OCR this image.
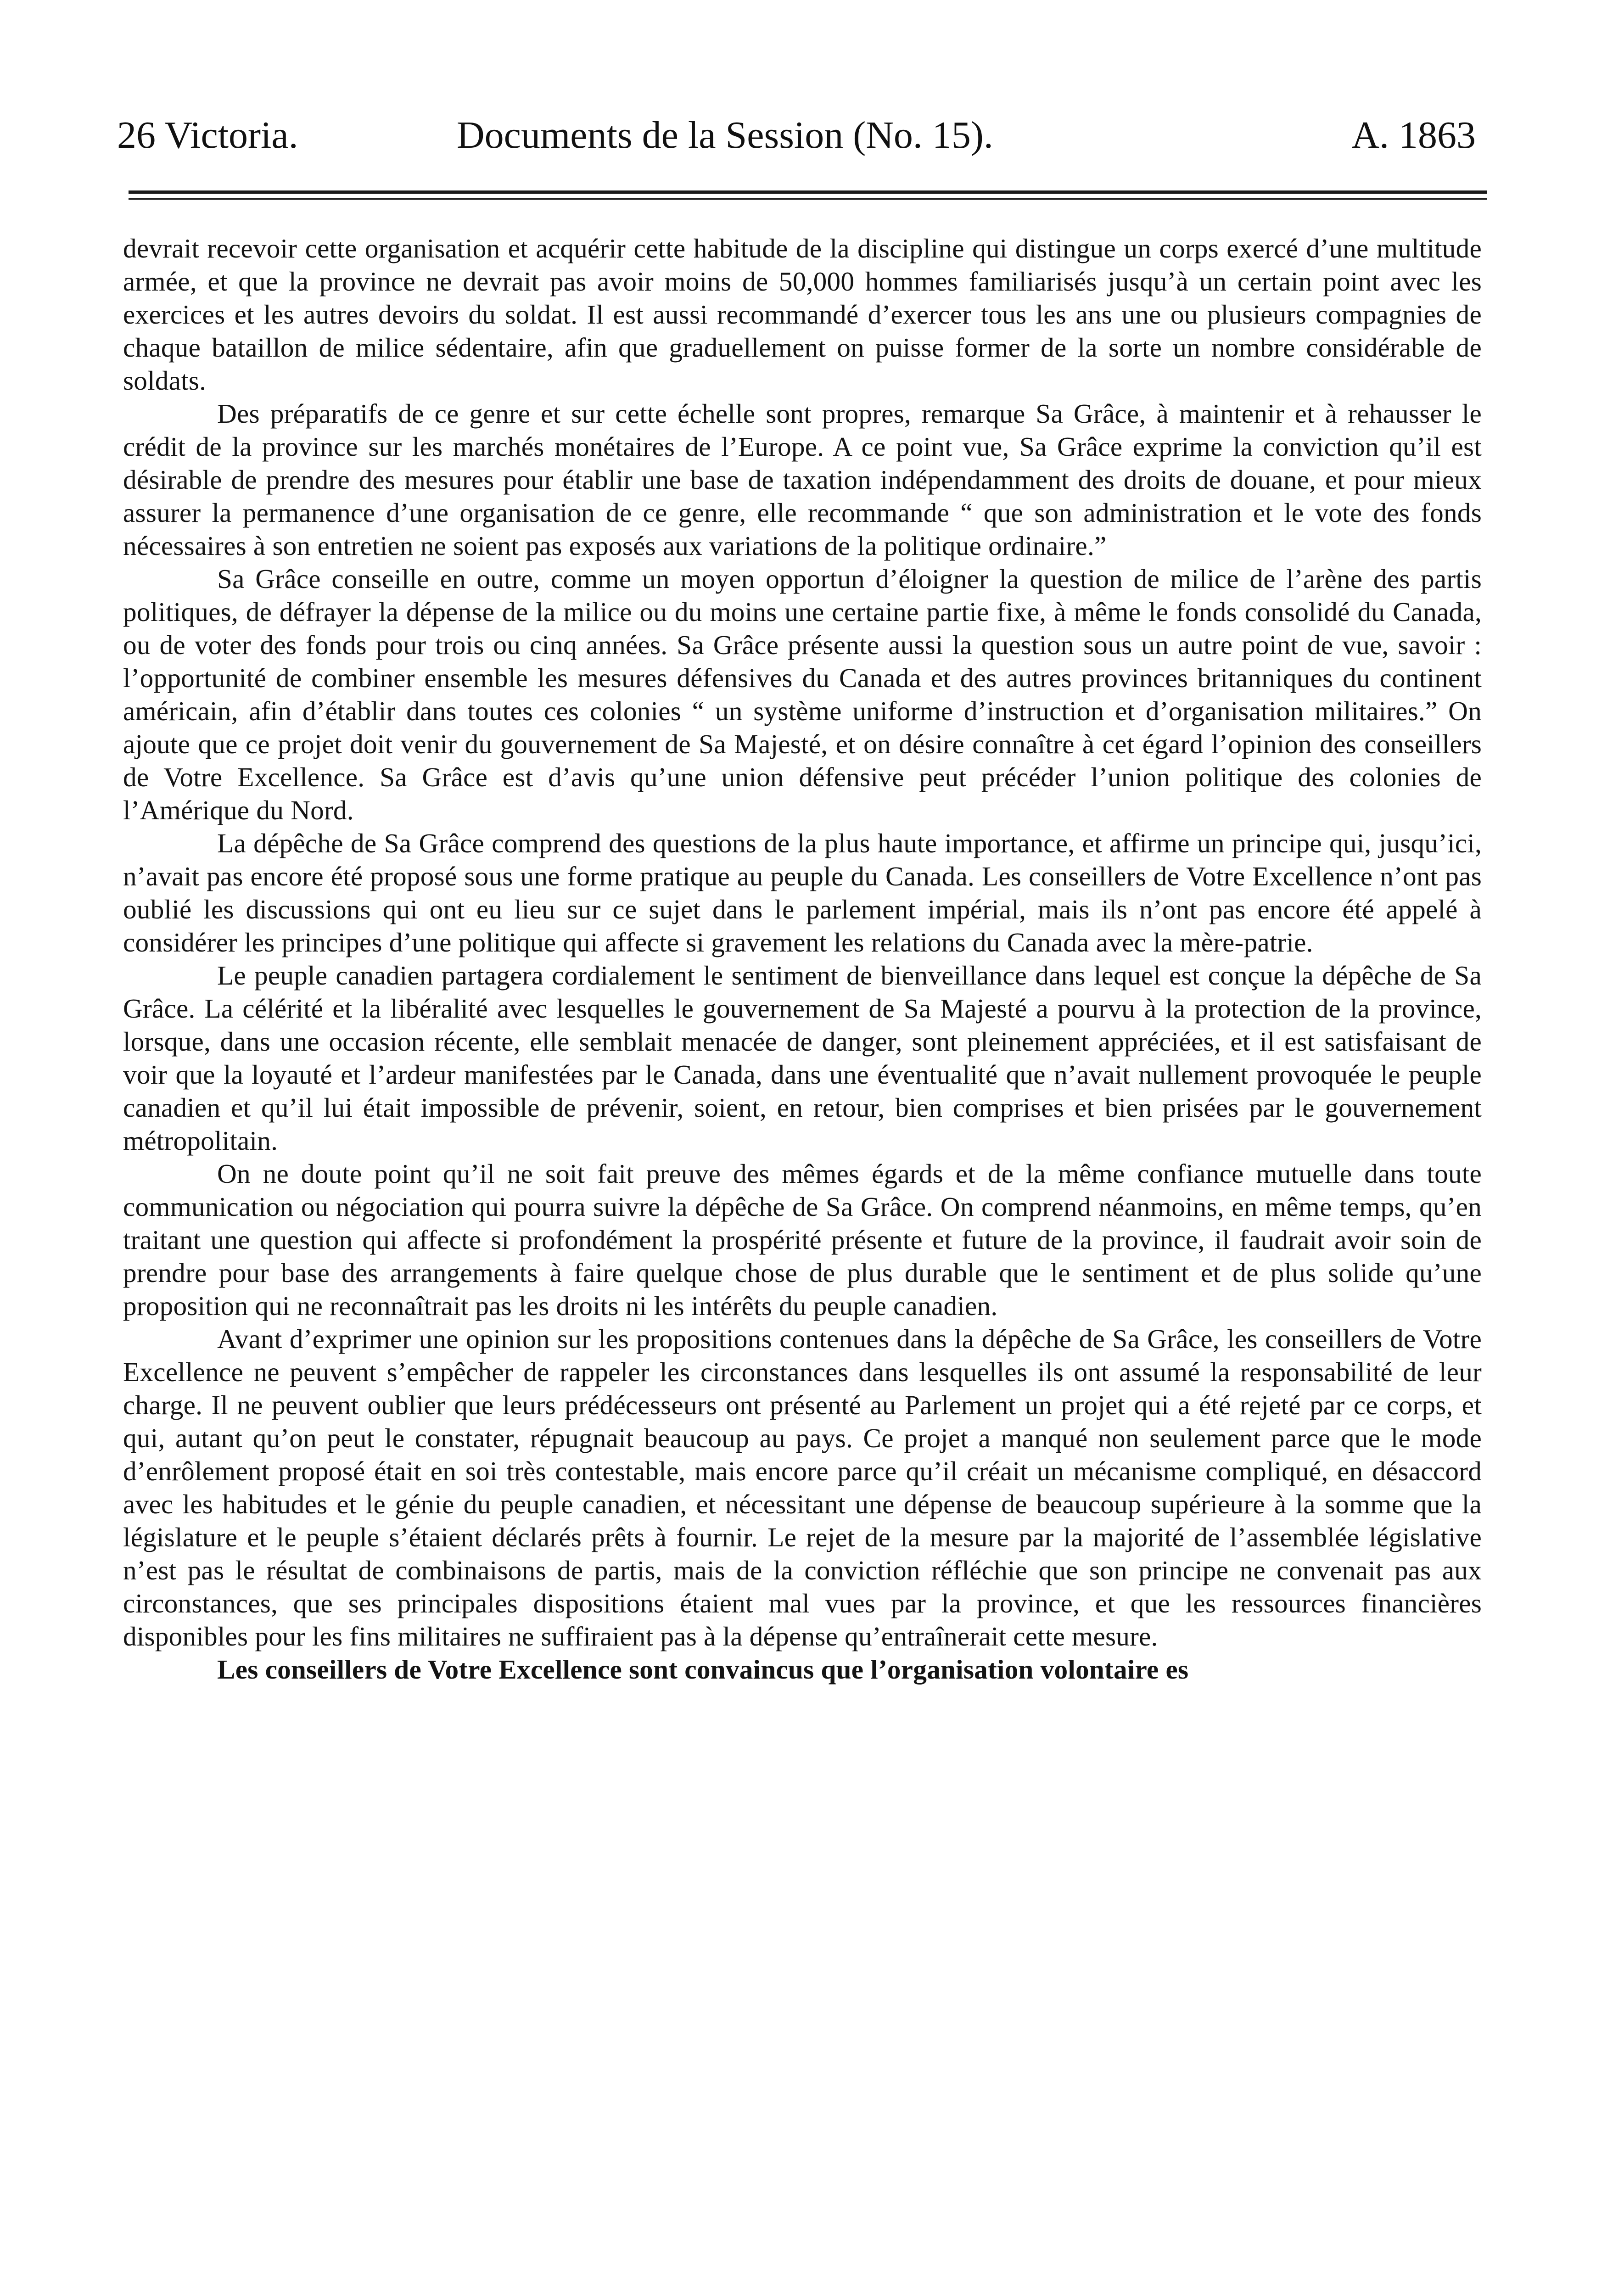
26 Victoria.	Documents de la Session (No. 15).	A. 1863

devrait recevoir cette organisation et acquérir cette habitude de la discipline qui distingue un corps exercé d’une multitude armée, et que la province ne devrait pas avoir moins de 50,000 hommes familiarisés jusqu’à un certain point avec les exercices et les autres devoirs du soldat. Il est aussi recommandé d’exercer tous les ans une ou plusieurs compagnies de chaque bataillon de milice sédentaire, afin que graduellement on puisse former de la sorte un nombre considérable de soldats.

Des préparatifs de ce genre et sur cette échelle sont propres, remarque Sa Grâce, à maintenir et à rehausser le crédit de la province sur les marchés monétaires de l’Europe. A ce point vue, Sa Grâce exprime la conviction qu’il est désirable de prendre des mesures pour établir une base de taxation indépendamment des droits de douane, et pour mieux assurer la permanence d’une organisation de ce genre, elle recommande “ que son administration et le vote des fonds nécessaires à son entretien ne soient pas exposés aux variations de la politique ordinaire.”

Sa Grâce conseille en outre, comme un moyen opportun d’éloigner la question de milice de l’arène des partis politiques, de défrayer la dépense de la milice ou du moins une certaine partie fixe, à même le fonds consolidé du Canada, ou de voter des fonds pour trois ou cinq années. Sa Grâce présente aussi la question sous un autre point de vue, savoir : l’opportunité de combiner ensemble les mesures défensives du Canada et des autres provinces britanniques du continent américain, afin d’établir dans toutes ces colonies “ un système uniforme d’instruction et d’organisation militaires.” On ajoute que ce projet doit venir du gouvernement de Sa Majesté, et on désire connaître à cet égard l’opinion des conseillers de Votre Excellence. Sa Grâce est d’avis qu’une union défensive peut précéder l’union politique des colonies de l’Amérique du Nord.

La dépêche de Sa Grâce comprend des questions de la plus haute importance, et affirme un principe qui, jusqu’ici, n’avait pas encore été proposé sous une forme pratique au peuple du Canada. Les conseillers de Votre Excellence n’ont pas oublié les discussions qui ont eu lieu sur ce sujet dans le parlement impérial, mais ils n’ont pas encore été appelé à considérer les principes d’une politique qui affecte si gravement les relations du Canada avec la mère-patrie.

Le peuple canadien partagera cordialement le sentiment de bienveillance dans lequel est conçue la dépêche de Sa Grâce. La célérité et la libéralité avec lesquelles le gouvernement de Sa Majesté a pourvu à la protection de la province, lorsque, dans une occasion récente, elle semblait menacée de danger, sont pleinement appréciées, et il est satisfaisant de voir que la loyauté et l’ardeur manifestées par le Canada, dans une éventualité que n’avait nullement provoquée le peuple canadien et qu’il lui était impossible de prévenir, soient, en retour, bien comprises et bien prisées par le gouvernement métropolitain.

On ne doute point qu’il ne soit fait preuve des mêmes égards et de la même confiance mutuelle dans toute communication ou négociation qui pourra suivre la dépêche de Sa Grâce. On comprend néanmoins, en même temps, qu’en traitant une question qui affecte si profondément la prospérité présente et future de la province, il faudrait avoir soin de prendre pour base des arrangements à faire quelque chose de plus durable que le sentiment et de plus solide qu’une proposition qui ne reconnaîtrait pas les droits ni les intérêts du peuple canadien.

Avant d’exprimer une opinion sur les propositions contenues dans la dépêche de Sa Grâce, les conseillers de Votre Excellence ne peuvent s’empêcher de rappeler les circonstances dans lesquelles ils ont assumé la responsabilité de leur charge. Il ne peuvent oublier que leurs prédécesseurs ont présenté au Parlement un projet qui a été rejeté par ce corps, et qui, autant qu’on peut le constater, répugnait beaucoup au pays. Ce projet a manqué non seulement parce que le mode d’enrôlement proposé était en soi très contestable, mais encore parce qu’il créait un mécanisme compliqué, en désaccord avec les habitudes et le génie du peuple canadien, et nécessitant une dépense de beaucoup supérieure à la somme que la législature et le peuple s’étaient déclarés prêts à fournir. Le rejet de la mesure par la majorité de l’assemblée législative n’est pas le résultat de combinaisons de partis, mais de la conviction réfléchie que son principe ne convenait pas aux circonstances, que ses principales dispositions étaient mal vues par la province, et que les ressources financières disponibles pour les fins militaires ne suffiraient pas à la dépense qu’entraînerait cette mesure.

Les conseillers de Votre Excellence sont convaincus que l’organisation volontaire es
